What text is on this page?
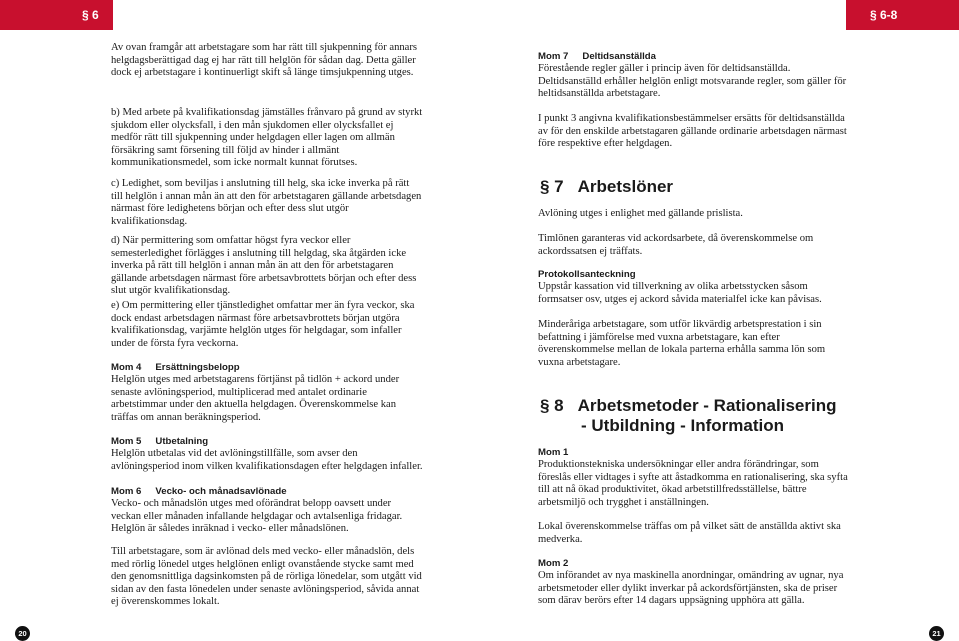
§ 6	§ 6-8

Av ovan framgår att arbetstagare som har rätt till sjukpenning för annars helgdagsberättigad dag ej har rätt till helglön för sådan dag. Detta gäller dock ej arbetstagare i kontinuerligt skift så länge timsjukpenning utges.

b) Med arbete på kvalifikationsdag jämställes frånvaro på grund av styrkt sjukdom eller olycksfall, i den mån sjukdomen eller olycksfallet ej medför rätt till sjukpenning under helgdagen eller lagen om allmän försäkring samt försening till följd av hinder i allmänt kommunikationsmedel, som icke normalt kunnat förutses.

c) Ledighet, som beviljas i anslutning till helg, ska icke inverka på rätt till helglön i annan mån än att den för arbetstagaren gällande arbetsdagen närmast före ledighetens början och efter dess slut utgör kvalifikationsdag.

d) När permittering som omfattar högst fyra veckor eller semesterledighet förlägges i anslutning till helgdag, ska åtgärden icke inverka på rätt till helglön i annan mån än att den för arbetstagaren gällande arbetsdagen närmast före arbetsavbrottets början och efter dess slut utgör kvalifikationsdag.

e) Om permittering eller tjänstledighet omfattar mer än fyra veckor, ska dock endast arbetsdagen närmast före arbetsavbrottets början utgöra kvalifikationsdag, varjämte helglön utges för helgdagar, som infaller under de första fyra veckorna.

Mom 4 Ersättningsbelopp

Helglön utges med arbetstagarens förtjänst på tidlön + ackord under senaste avlöningsperiod, multiplicerad med antalet ordinarie arbetstimmar under den aktuella helgdagen. Överenskommelse kan träffas om annan beräkningsperiod.

Mom 5 Utbetalning

Helglön utbetalas vid det avlöningstillfälle, som avser den avlöningsperiod inom vilken kvalifikationsdagen efter helgdagen infaller.

Mom 6 Vecko- och månadsavlönade

Vecko- och månadslön utges med oförändrat belopp oavsett under veckan eller månaden infallande helgdagar och avtalsenliga fridagar. Helglön är således inräknad i vecko- eller månadslönen.

Till arbetstagare, som är avlönad dels med vecko- eller månadslön, dels med rörlig lönedel utges helglönen enligt ovanstående stycke samt med den genomsnittliga dagsinkomsten på de rörliga lönedelar, som utgått vid sidan av den fasta lönedelen under senaste avlöningsperiod, såvida annat ej överenskommes lokalt.

Mom 7 Deltidsanställda

Förestående regler gäller i princip även för deltidsanställda. Deltidsanställd erhåller helglön enligt motsvarande regler, som gäller för heltidsanställda arbetstagare.

I punkt 3 angivna kvalifikationsbestämmelser ersätts för deltidsanställda av för den enskilde arbetstagaren gällande ordinarie arbetsdagen närmast före respektive efter helgdagen.

§ 7 Arbetslöner

Avlöning utges i enlighet med gällande prislista.

Timlönen garanteras vid ackordsarbete, då överenskommelse om ackordssatsen ej träffats.

Protokollsanteckning

Uppstår kassation vid tillverkning av olika arbetsstycken såsom formsatser osv, utges ej ackord såvida materialfel icke kan påvisas.

Minderåriga arbetstagare, som utför likvärdig arbetsprestation i sin befattning i jämförelse med vuxna arbetstagare, kan efter överenskommelse mellan de lokala parterna erhålla samma lön som vuxna arbetstagare.

§ 8 Arbetsmetoder - Rationalisering
- Utbildning - Information
Mom 1

Produktionstekniska undersökningar eller andra förändringar, som föreslås eller vidtages i syfte att åstadkomma en rationalisering, ska syfta till att nå ökad produktivitet, ökad arbetstillfredsställelse, bättre arbetsmiljö och trygghet i anställningen.

Lokal överenskommelse träffas om på vilket sätt de anställda aktivt ska medverka.

Mom 2

Om införandet av nya maskinella anordningar, omändring av ugnar, nya arbetsmetoder eller dylikt inverkar på ackordsförtjänsten, ska de priser som därav berörs efter 14 dagars uppsägning upphöra att gälla.

20	21
